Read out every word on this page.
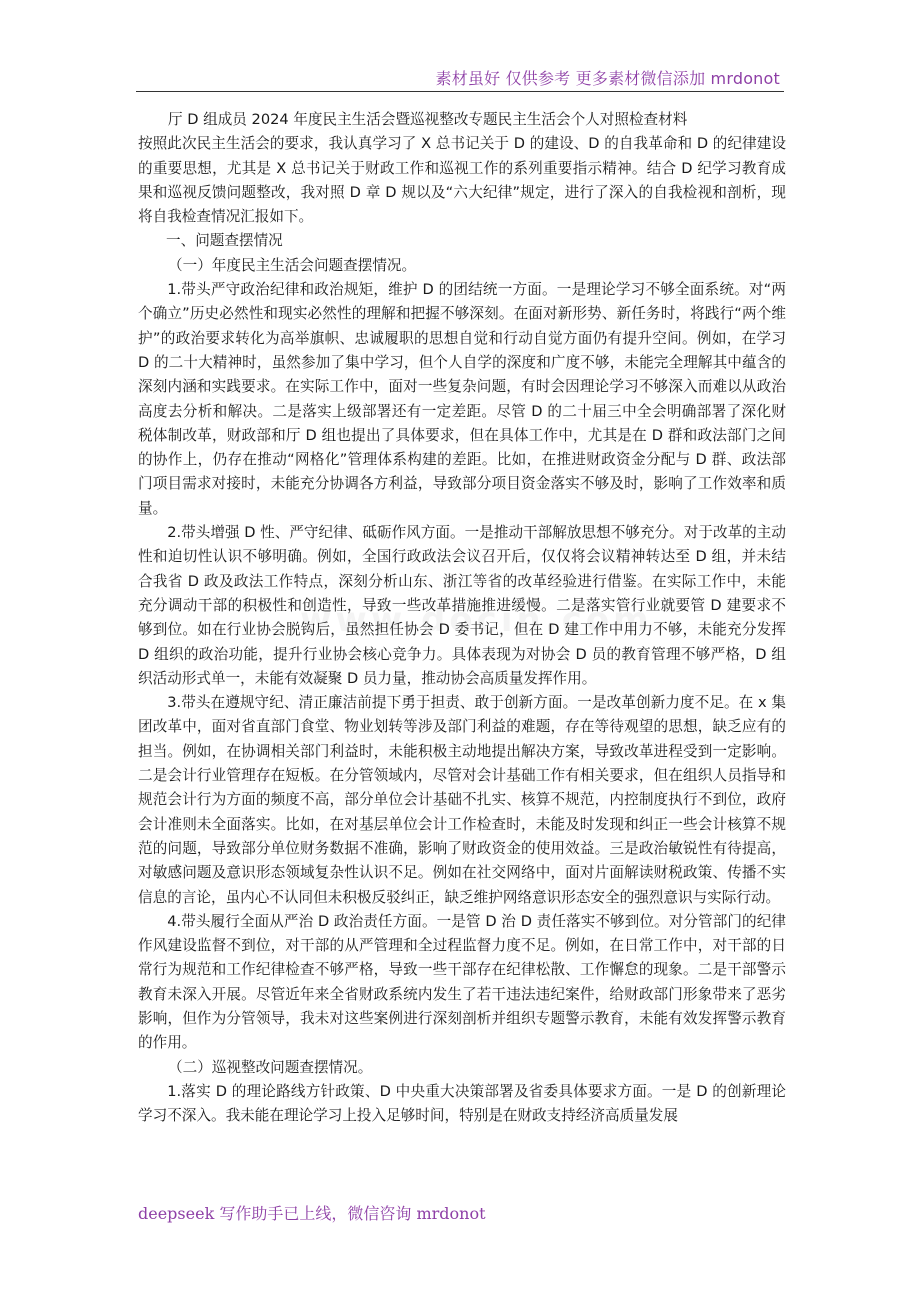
素材虽好 仅供参考 更多素材微信添加 mrdonot
厅 D 组成员 2024 年度民主生活会暨巡视整改专题民主生活会个人对照检查材料

按照此次民主生活会的要求，我认真学习了 X 总书记关于 D 的建设、D 的自我革命和 D 的纪律建设的重要思想，尤其是 X 总书记关于财政工作和巡视工作的系列重要指示精神。结合 D 纪学习教育成果和巡视反馈问题整改，我对照 D 章 D 规以及“六大纪律”规定，进行了深入的自我检视和剖析，现将自我检查情况汇报如下。

一、问题查摆情况

（一）年度民主生活会问题查摆情况。

1.带头严守政治纪律和政治规矩，维护 D 的团结统一方面。一是理论学习不够全面系统。对“两个确立”历史必然性和现实必然性的理解和把握不够深刻。在面对新形势、新任务时，将践行“两个维护”的政治要求转化为高举旗帜、忠诚履职的思想自觉和行动自觉方面仍有提升空间。例如，在学习 D 的二十大精神时，虽然参加了集中学习，但个人自学的深度和广度不够，未能完全理解其中蕴含的深刻内涵和实践要求。在实际工作中，面对一些复杂问题，有时会因理论学习不够深入而难以从政治高度去分析和解决。二是落实上级部署还有一定差距。尽管 D 的二十届三中全会明确部署了深化财税体制改革，财政部和厅 D 组也提出了具体要求，但在具体工作中，尤其是在 D 群和政法部门之间的协作上，仍存在推动“网格化”管理体系构建的差距。比如，在推进财政资金分配与 D 群、政法部门项目需求对接时，未能充分协调各方利益，导致部分项目资金落实不够及时，影响了工作效率和质量。

2.带头增强 D 性、严守纪律、砥砺作风方面。一是推动干部解放思想不够充分。对于改革的主动性和迫切性认识不够明确。例如，全国行政政法会议召开后，仅仅将会议精神转达至 D 组，并未结合我省 D 政及政法工作特点，深刻分析山东、浙江等省的改革经验进行借鉴。在实际工作中，未能充分调动干部的积极性和创造性，导致一些改革措施推进缓慢。二是落实管行业就要管 D 建要求不够到位。如在行业协会脱钩后，虽然担任协会 D 委书记，但在 D 建工作中用力不够，未能充分发挥 D 组织的政治功能，提升行业协会核心竞争力。具体表现为对协会 D 员的教育管理不够严格，D 组织活动形式单一，未能有效凝聚 D 员力量，推动协会高质量发挥作用。

3.带头在遵规守纪、清正廉洁前提下勇于担责、敢于创新方面。一是改革创新力度不足。在 x 集团改革中，面对省直部门食堂、物业划转等涉及部门利益的难题，存在等待观望的思想，缺乏应有的担当。例如，在协调相关部门利益时，未能积极主动地提出解决方案，导致改革进程受到一定影响。二是会计行业管理存在短板。在分管领域内，尽管对会计基础工作有相关要求，但在组织人员指导和规范会计行为方面的频度不高，部分单位会计基础不扎实、核算不规范，内控制度执行不到位，政府会计准则未全面落实。比如，在对基层单位会计工作检查时，未能及时发现和纠正一些会计核算不规范的问题，导致部分单位财务数据不准确，影响了财政资金的使用效益。三是政治敏锐性有待提高，对敏感问题及意识形态领域复杂性认识不足。例如在社交网络中，面对片面解读财税政策、传播不实信息的言论，虽内心不认同但未积极反驳纠正，缺乏维护网络意识形态安全的强烈意识与实际行动。

4.带头履行全面从严治 D 政治责任方面。一是管 D 治 D 责任落实不够到位。对分管部门的纪律作风建设监督不到位，对干部的从严管理和全过程监督力度不足。例如，在日常工作中，对干部的日常行为规范和工作纪律检查不够严格，导致一些干部存在纪律松散、工作懈怠的现象。二是干部警示教育未深入开展。尽管近年来全省财政系统内发生了若干违法违纪案件，给财政部门形象带来了恶劣影响，但作为分管领导，我未对这些案例进行深刻剖析并组织专题警示教育，未能有效发挥警示教育的作用。

（二）巡视整改问题查摆情况。

1.落实 D 的理论路线方针政策、D 中央重大决策部署及省委具体要求方面。一是 D 的创新理论学习不深入。我未能在理论学习上投入足够时间，特别是在财政支持经济高质量发展

deepseek 写作助手已上线，微信咨询 mrdonot
